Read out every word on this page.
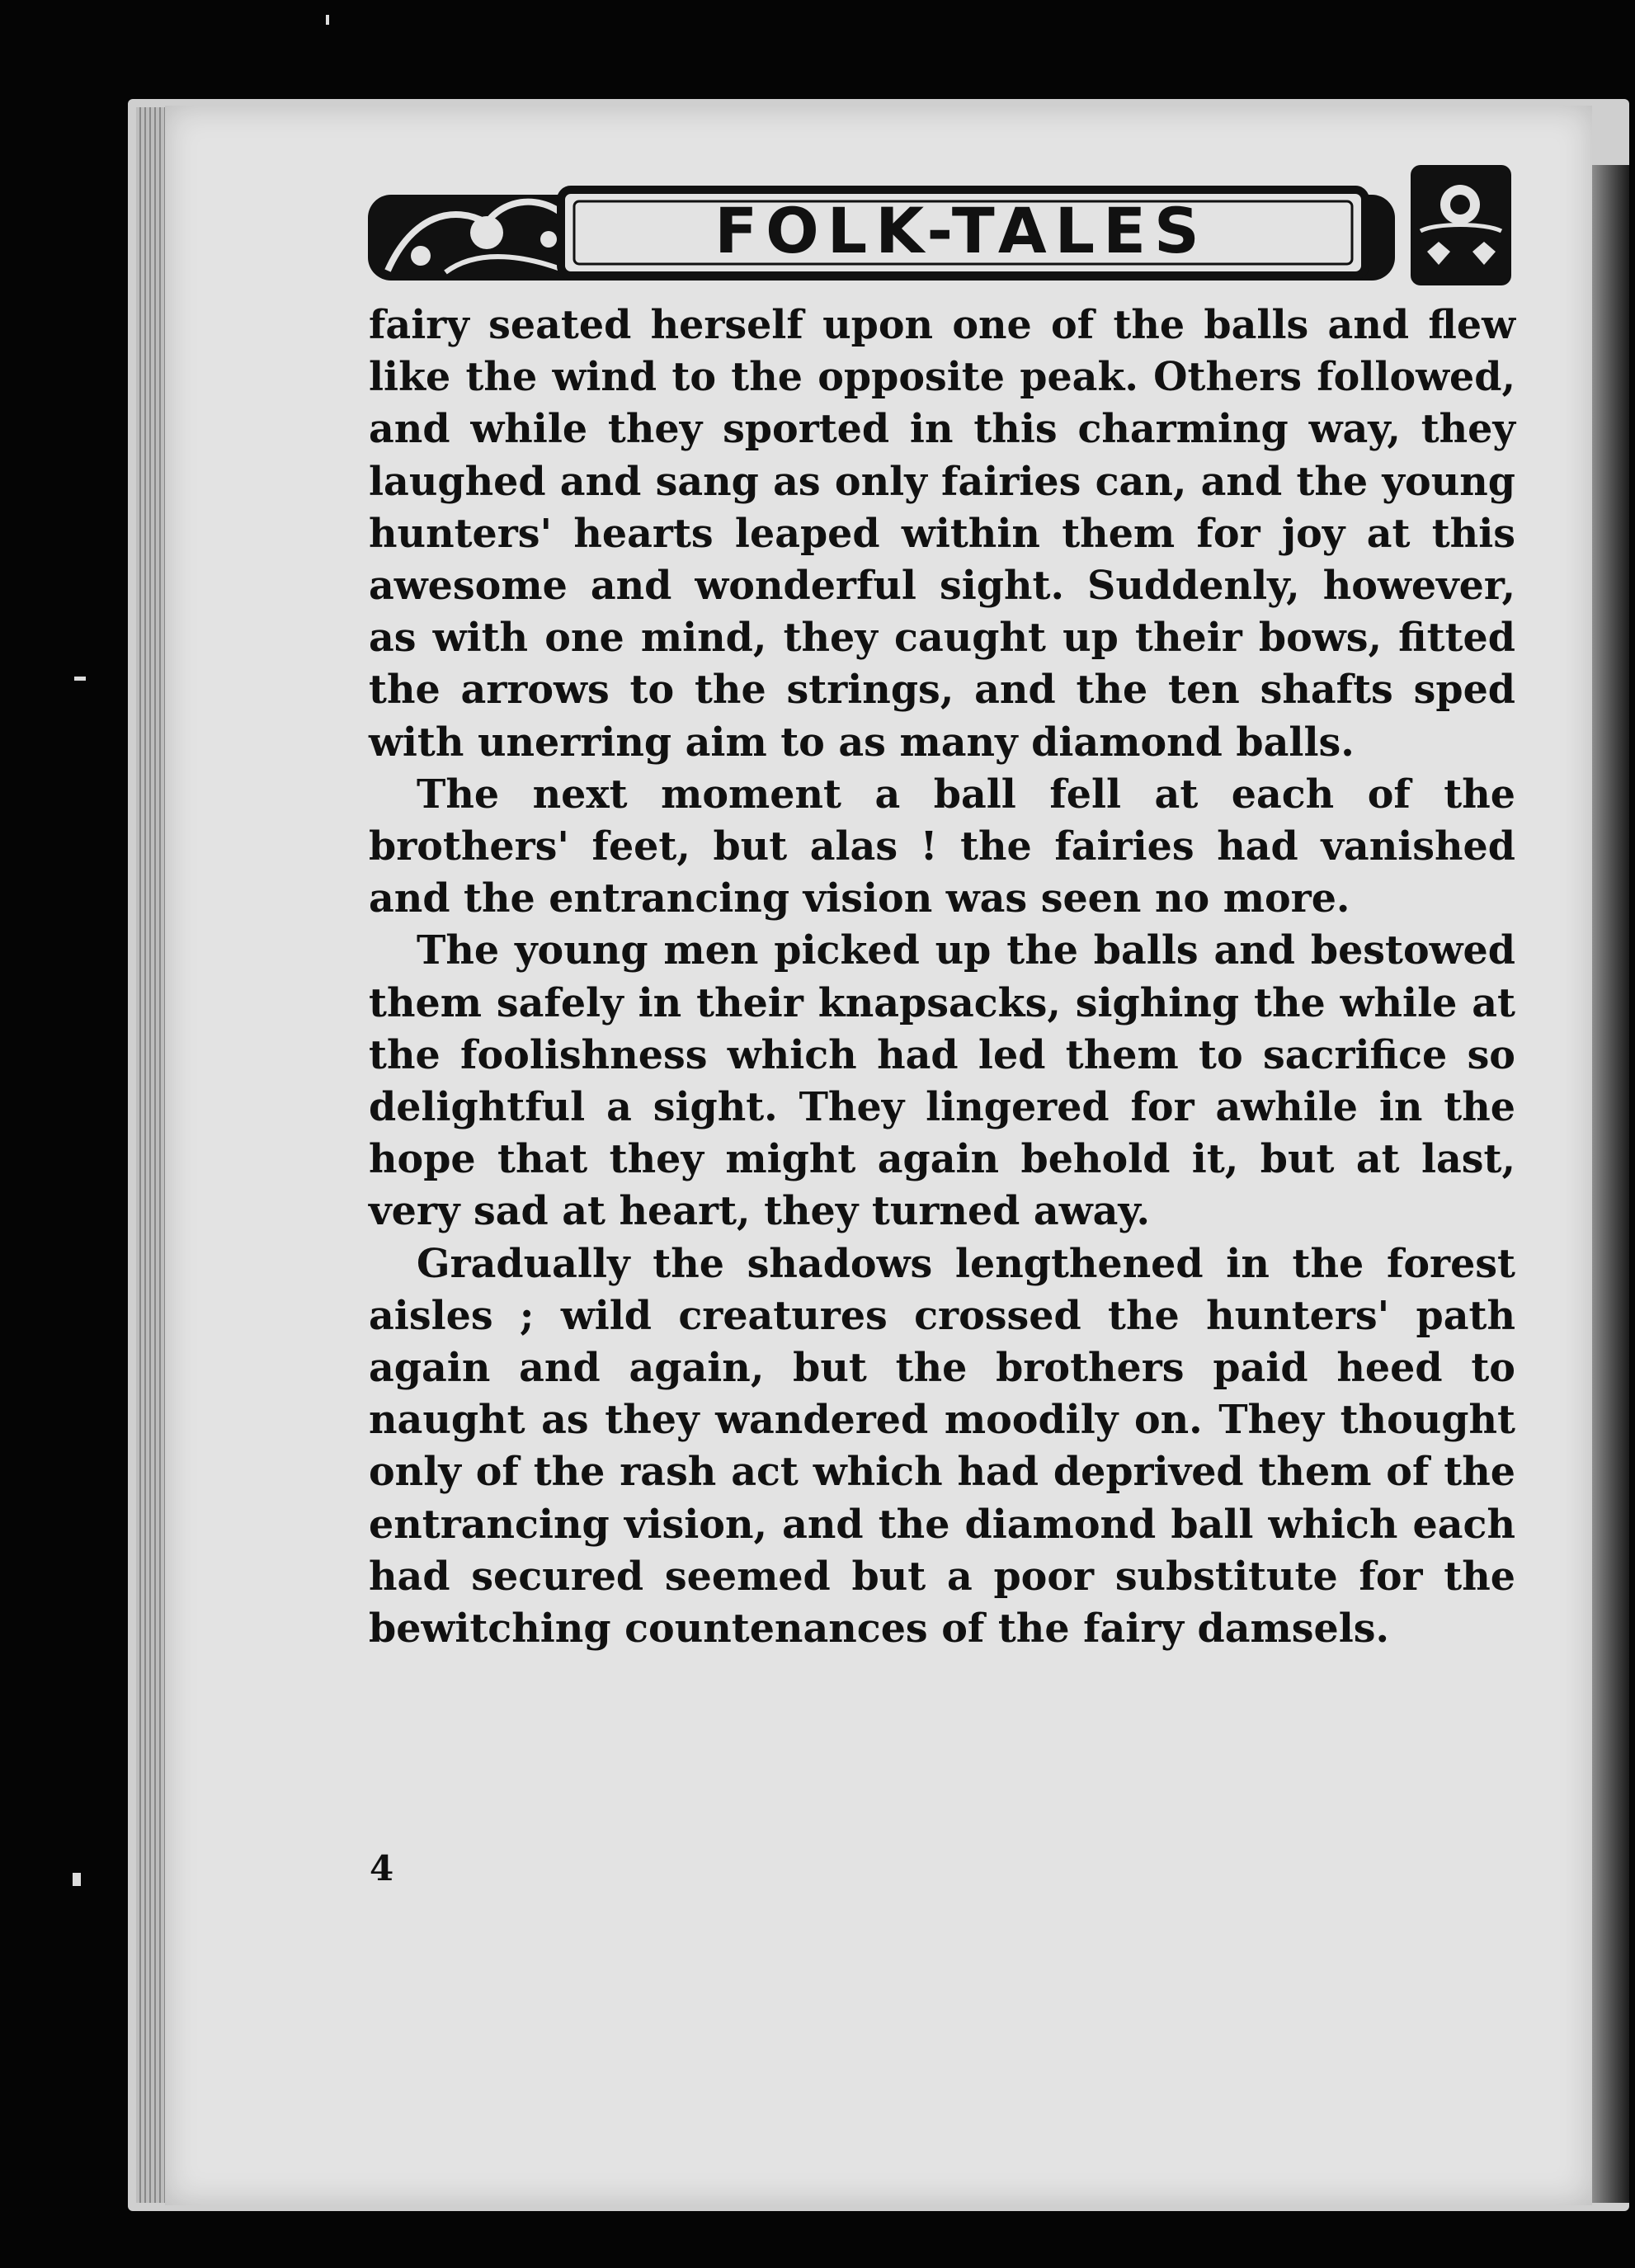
FOLK-TALES

fairy seated herself upon one of the balls and flew like the wind to the opposite peak. Others followed, and while they sported in this charming way, they laughed and sang as only fairies can, and the young hunters' hearts leaped within them for joy at this awesome and wonderful sight. Suddenly, however, as with one mind, they caught up their bows, fitted the arrows to the strings, and the ten shafts sped with unerring aim to as many diamond balls.

The next moment a ball fell at each of the brothers' feet, but alas ! the fairies had vanished and the entrancing vision was seen no more.

The young men picked up the balls and bestowed them safely in their knapsacks, sighing the while at the foolishness which had led them to sacrifice so delightful a sight. They lingered for awhile in the hope that they might again behold it, but at last, very sad at heart, they turned away.

Gradually the shadows lengthened in the forest aisles ; wild creatures crossed the hunters' path again and again, but the brothers paid heed to naught as they wandered moodily on. They thought only of the rash act which had deprived them of the entrancing vision, and the diamond ball which each had secured seemed but a poor substitute for the bewitching countenances of the fairy damsels.

4
